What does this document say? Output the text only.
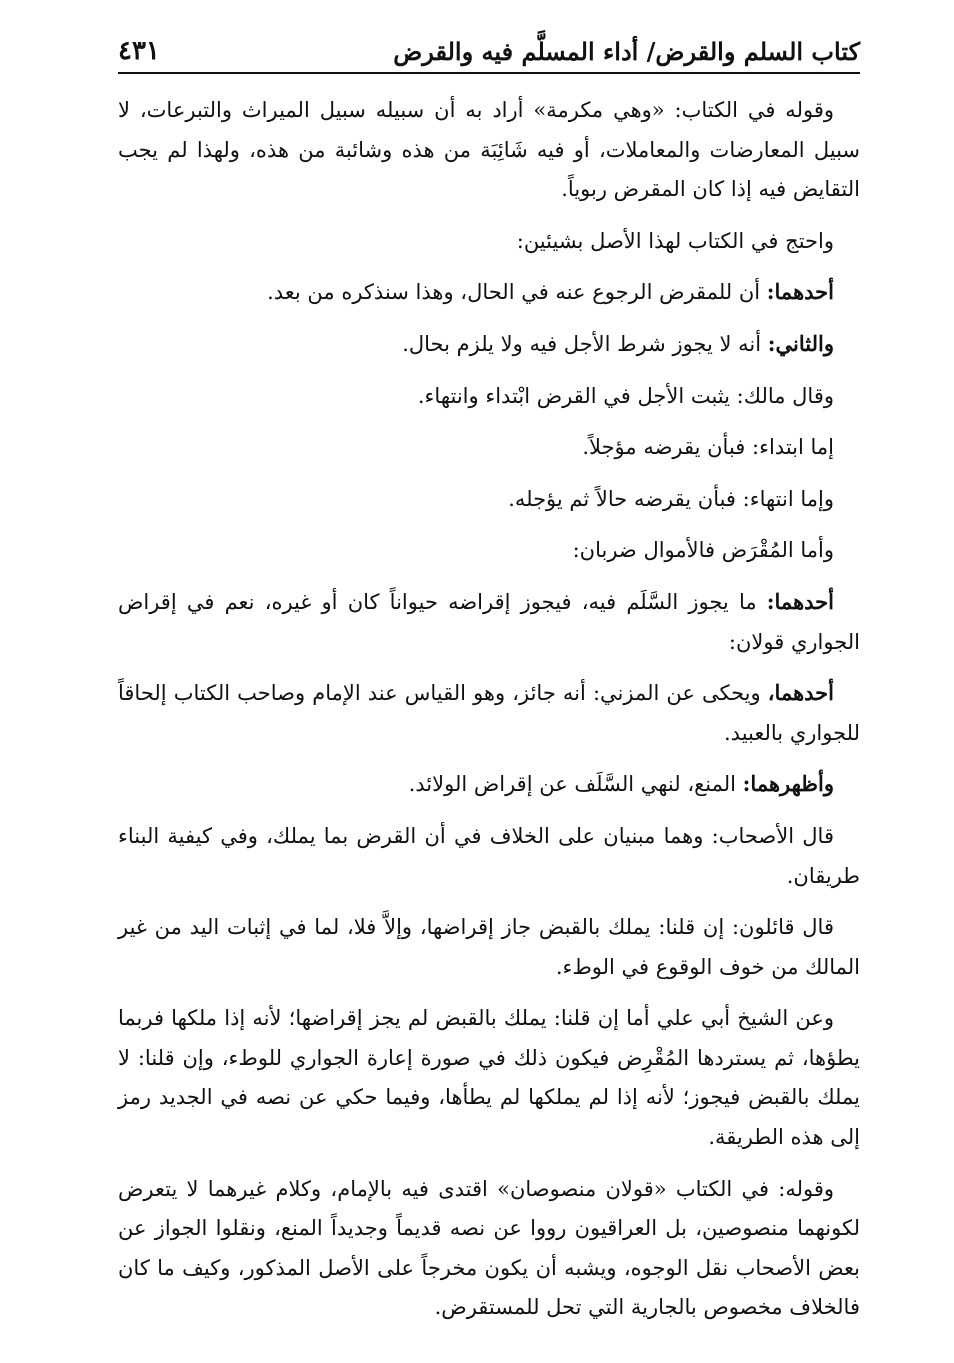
كتاب السلم والقرض/ أداء المسلَّم فيه والقرض
٤٣١

وقوله في الكتاب: «وهي مكرمة» أراد به أن سبيله سبيل الميراث والتبرعات، لا سبيل المعارضات والمعاملات، أو فيه شَائِبَة من هذه وشائبة من هذه، ولهذا لم يجب التقايض فيه إذا كان المقرض ربوياً.

واحتج في الكتاب لهذا الأصل بشيئين:

أحدهما: أن للمقرض الرجوع عنه في الحال، وهذا سنذكره من بعد.

والثاني: أنه لا يجوز شرط الأجل فيه ولا يلزم بحال.

وقال مالك: يثبت الأجل في القرض ابْتداء وانتهاء.

إما ابتداء: فبأن يقرضه مؤجلاً.

وإما انتهاء: فبأن يقرضه حالاً ثم يؤجله.

وأما المُقْرَض فالأموال ضربان:

أحدهما: ما يجوز السَّلَم فيه، فيجوز إقراضه حيواناً كان أو غيره، نعم في إقراض الجواري قولان:

أحدهما، ويحكى عن المزني: أنه جائز، وهو القياس عند الإمام وصاحب الكتاب إلحاقاً للجواري بالعبيد.

وأظهرهما: المنع، لنهي السَّلَف عن إقراض الولائد.

قال الأصحاب: وهما مبنيان على الخلاف في أن القرض بما يملك، وفي كيفية البناء طريقان.

قال قائلون: إن قلنا: يملك بالقبض جاز إقراضها، وإلاَّ فلا، لما في إثبات اليد من غير المالك من خوف الوقوع في الوطء.

وعن الشيخ أبي علي أما إن قلنا: يملك بالقبض لم يجز إقراضها؛ لأنه إذا ملكها فربما يطؤها، ثم يستردها المُقْرِض فيكون ذلك في صورة إعارة الجواري للوطء، وإن قلنا: لا يملك بالقبض فيجوز؛ لأنه إذا لم يملكها لم يطأها، وفيما حكي عن نصه في الجديد رمز إلى هذه الطريقة.

وقوله: في الكتاب «قولان منصوصان» اقتدى فيه بالإمام، وكلام غيرهما لا يتعرض لكونهما منصوصين، بل العراقيون رووا عن نصه قديماً وجديداً المنع، ونقلوا الجواز عن بعض الأصحاب نقل الوجوه، ويشبه أن يكون مخرجاً على الأصل المذكور، وكيف ما كان فالخلاف مخصوص بالجارية التي تحل للمستقرض.
